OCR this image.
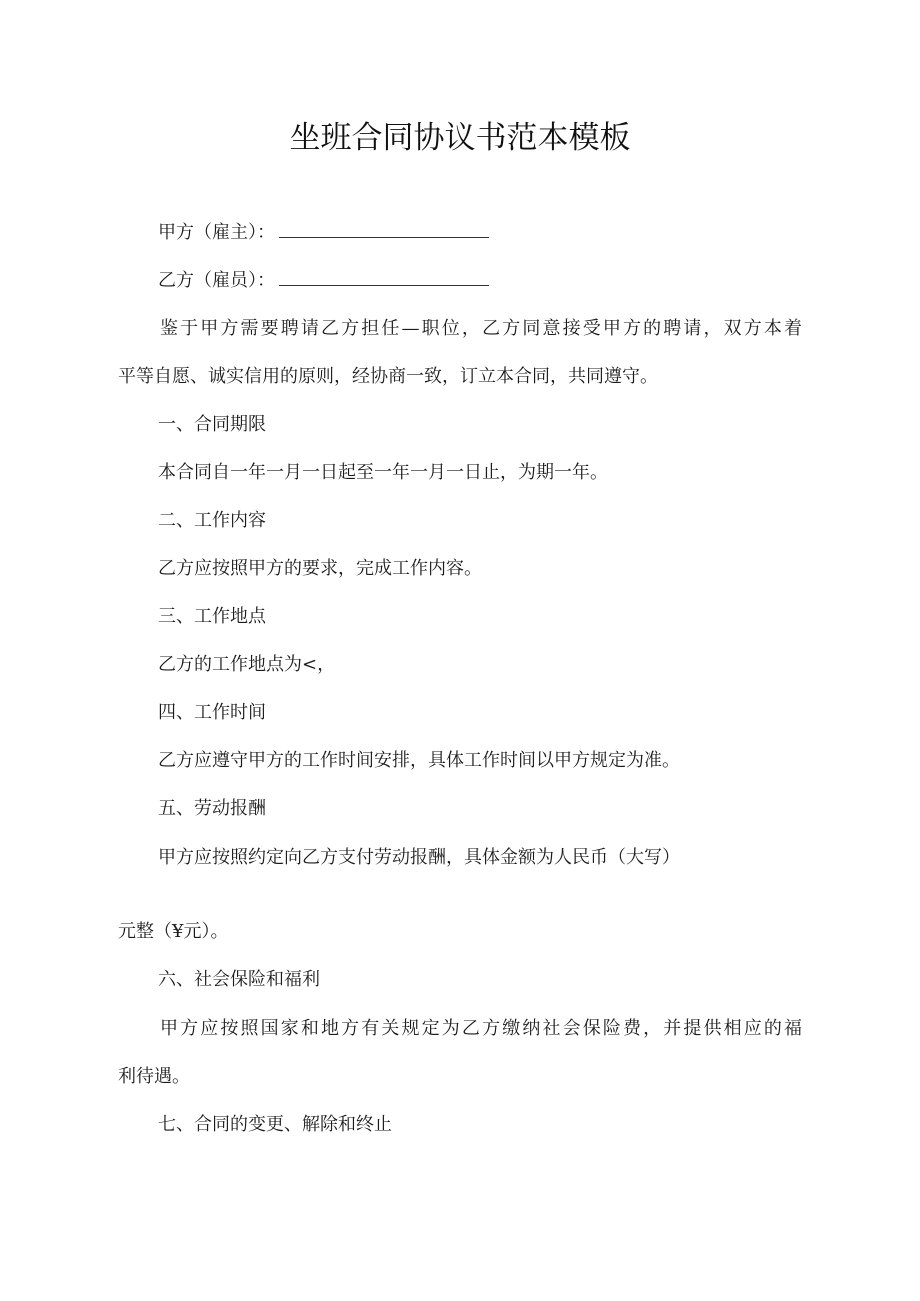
坐班合同协议书范本模板
甲方（雇主）：
乙方（雇员）：
鉴于甲方需要聘请乙方担任—职位，乙方同意接受甲方的聘请，双方本着
平等自愿、诚实信用的原则，经协商一致，订立本合同，共同遵守。
一、合同期限
本合同自一年一月一日起至一年一月一日止，为期一年。
二、工作内容
乙方应按照甲方的要求，完成工作内容。
三、工作地点
乙方的工作地点为<，
四、工作时间
乙方应遵守甲方的工作时间安排，具体工作时间以甲方规定为准。
五、劳动报酬
甲方应按照约定向乙方支付劳动报酬，具体金额为人民币（大写）
元整（¥元）。
六、社会保险和福利
甲方应按照国家和地方有关规定为乙方缴纳社会保险费，并提供相应的福
利待遇。
七、合同的变更、解除和终止
